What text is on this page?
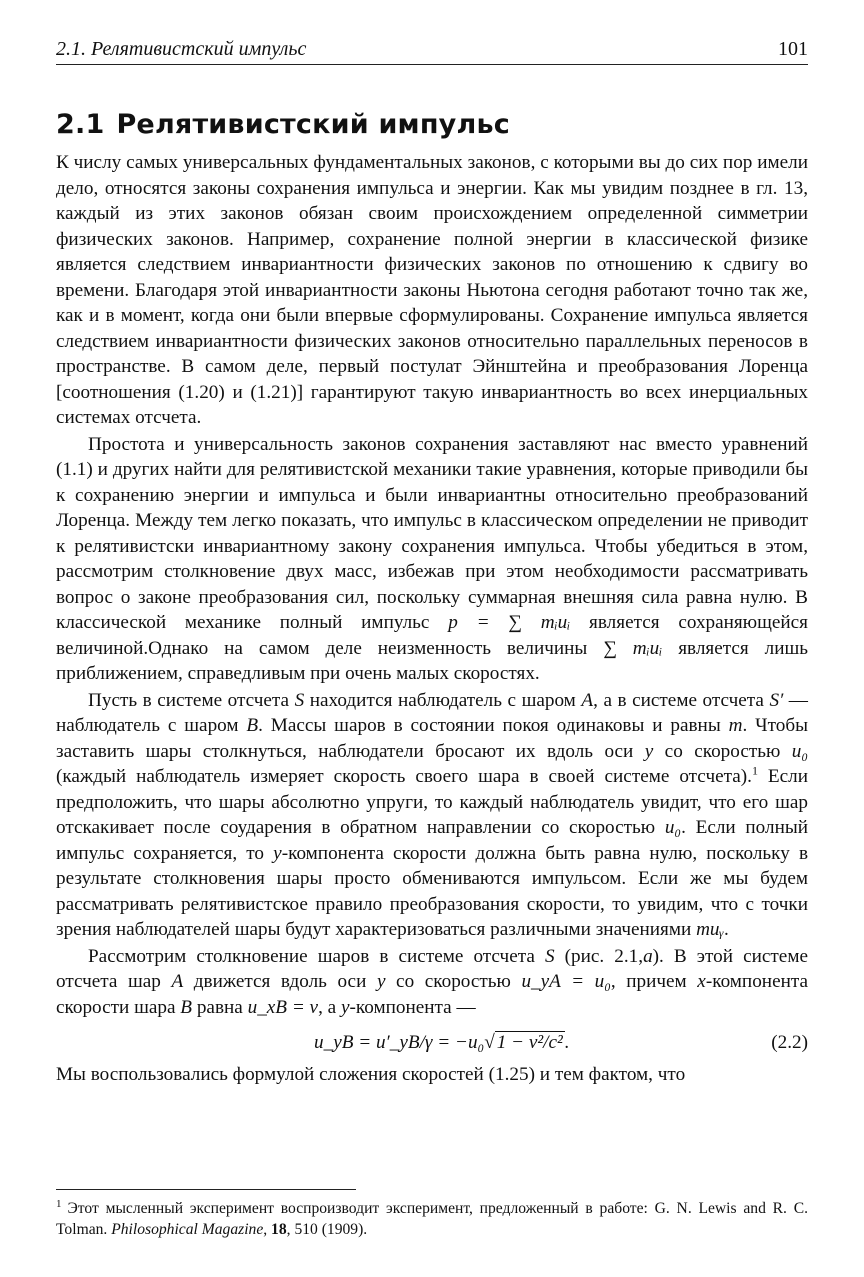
2.1. Релятивистский импульс	101
2.1 Релятивистский импульс

К числу самых универсальных фундаментальных законов, с которыми вы до сих пор имели дело, относятся законы сохранения импульса и энергии. Как мы увидим позднее в гл. 13, каждый из этих законов обязан своим происхождением определенной симметрии физических законов. Например, сохранение полной энергии в классической физике является следствием инвариантности физических законов по отношению к сдвигу во времени. Благодаря этой инвариантности законы Ньютона сегодня работают точно так же, как и в момент, когда они были впервые сформулированы. Сохранение импульса является следствием инвариантности физических законов относительно параллельных переносов в пространстве. В самом деле, первый постулат Эйнштейна и преобразования Лоренца [соотношения (1.20) и (1.21)] гарантируют такую инвариантность во всех инерциальных системах отсчета.

Простота и универсальность законов сохранения заставляют нас вместо уравнений (1.1) и других найти для релятивистской механики такие уравнения, которые приводили бы к сохранению энергии и импульса и были инвариантны относительно преобразований Лоренца. Между тем легко показать, что импульс в классическом определении не приводит к релятивистски инвариантному закону сохранения импульса. Чтобы убедиться в этом, рассмотрим столкновение двух масс, избежав при этом необходимости рассматривать вопрос о законе преобразования сил, поскольку суммарная внешняя сила равна нулю. В классической механике полный импульс p = ∑ mᵢuᵢ является сохраняющейся величиной.Однако на самом деле неизменность величины ∑ mᵢuᵢ является лишь приближением, справедливым при очень малых скоростях.

Пусть в системе отсчета S находится наблюдатель с шаром A, а в системе отсчета S′ — наблюдатель с шаром B. Массы шаров в состоянии покоя одинаковы и равны m. Чтобы заставить шары столкнуться, наблюдатели бросают их вдоль оси y со скоростью u₀ (каждый наблюдатель измеряет скорость своего шара в своей системе отсчета).$^1$ Если предположить, что шары абсолютно упруги, то каждый наблюдатель увидит, что его шар отскакивает после соударения в обратном направлении со скоростью u₀. Если полный импульс сохраняется, то y-компонента скорости должна быть равна нулю, поскольку в результате столкновения шары просто обмениваются импульсом. Если же мы будем рассматривать релятивистское правило преобразования скорости, то увидим, что с точки зрения наблюдателей шары будут характеризоваться различными значениями muᵧ.

Рассмотрим столкновение шаров в системе отсчета S (рис. 2.1,a). В этой системе отсчета шар A движется вдоль оси y со скоростью u_yA = u₀, причем x-компонента скорости шара B равна u_xB = v, а y-компонента —

u_yB = u′_yB/γ = −u₀√ 1 − v²/c² .	(2.2)

Мы воспользовались формулой сложения скоростей (1.25) и тем фактом, что

$^1$ Этот мысленный эксперимент воспроизводит эксперимент, предложенный в работе: G. N. Lewis and R. C. Tolman. Philosophical Magazine, 18, 510 (1909).
